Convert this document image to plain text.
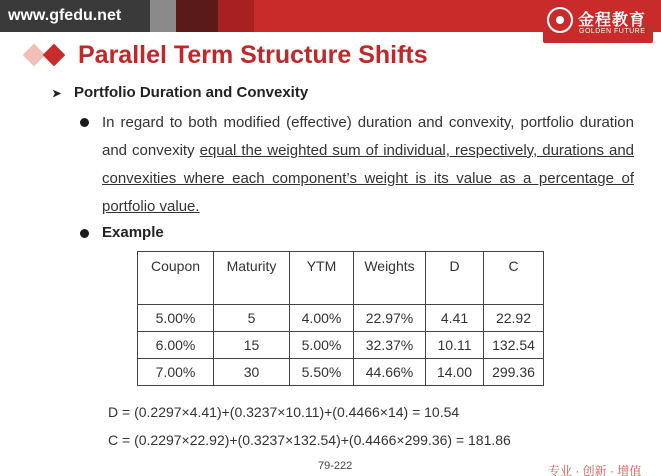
www.gfedu.net	金程教育
GOLDEN FUTURE
Parallel Term Structure Shifts
➤ Portfolio Duration and Convexity
In regard to both modified (effective) duration and convexity, portfolio duration and convexity equal the weighted sum of individual, respectively, durations and convexities where each component’s weight is its value as a percentage of portfolio value.
Example
Coupon	Maturity	YTM	Weights	D	C
5.00%	5	4.00%	22.97%	4.41	22.92
6.00%	15	5.00%	32.37%	10.11	132.54
7.00%	30	5.50%	44.66%	14.00	299.36
D = (0.2297×4.41)+(0.3237×10.11)+(0.4466×14) = 10.54
C = (0.2297×22.92)+(0.3237×132.54)+(0.4466×299.36) = 181.86
79-222	专业 · 创新 · 增值
